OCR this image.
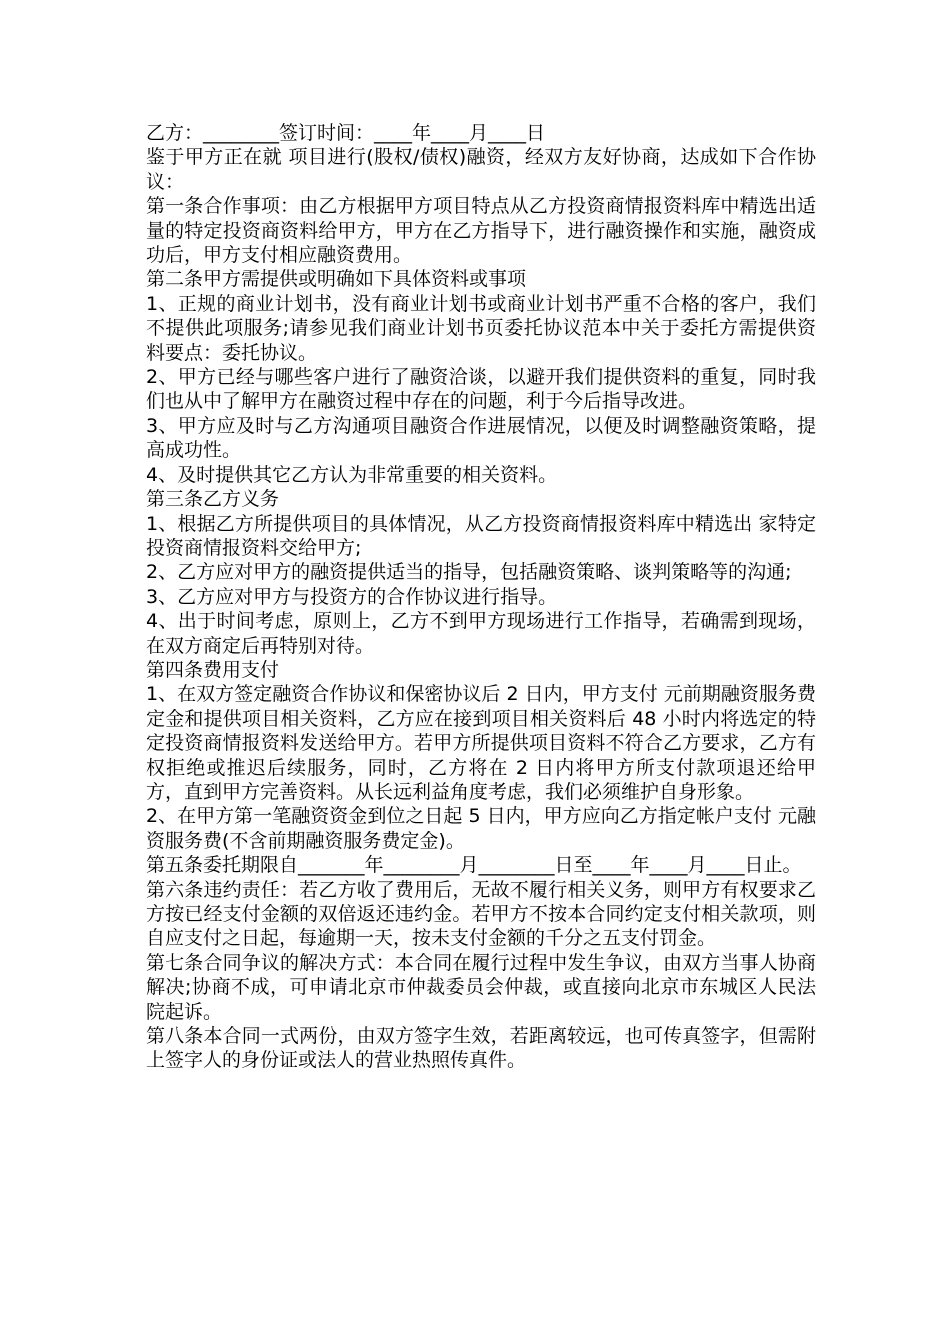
乙方：________签订时间：____年____月____日

鉴于甲方正在就 项目进行(股权/债权)融资，经双方友好协商，达成如下合作协议：

第一条合作事项：由乙方根据甲方项目特点从乙方投资商情报资料库中精选出适量的特定投资商资料给甲方，甲方在乙方指导下，进行融资操作和实施，融资成功后，甲方支付相应融资费用。

第二条甲方需提供或明确如下具体资料或事项

1、正规的商业计划书，没有商业计划书或商业计划书严重不合格的客户，我们不提供此项服务;请参见我们商业计划书页委托协议范本中关于委托方需提供资料要点：委托协议。

2、甲方已经与哪些客户进行了融资洽谈，以避开我们提供资料的重复，同时我们也从中了解甲方在融资过程中存在的问题，利于今后指导改进。

3、甲方应及时与乙方沟通项目融资合作进展情况，以便及时调整融资策略，提高成功性。

4、及时提供其它乙方认为非常重要的相关资料。

第三条乙方义务

1、根据乙方所提供项目的具体情况，从乙方投资商情报资料库中精选出 家特定投资商情报资料交给甲方;

2、乙方应对甲方的融资提供适当的指导，包括融资策略、谈判策略等的沟通;

3、乙方应对甲方与投资方的合作协议进行指导。

4、出于时间考虑，原则上，乙方不到甲方现场进行工作指导，若确需到现场，在双方商定后再特别对待。

第四条费用支付

1、在双方签定融资合作协议和保密协议后 2 日内，甲方支付 元前期融资服务费定金和提供项目相关资料，乙方应在接到项目相关资料后 48 小时内将选定的特定投资商情报资料发送给甲方。若甲方所提供项目资料不符合乙方要求，乙方有权拒绝或推迟后续服务，同时，乙方将在 2 日内将甲方所支付款项退还给甲方，直到甲方完善资料。从长远利益角度考虑，我们必须维护自身形象。

2、在甲方第一笔融资资金到位之日起 5 日内，甲方应向乙方指定帐户支付 元融资服务费(不含前期融资服务费定金)。

第五条委托期限自_______年________月________日至____年____月____日止。

第六条违约责任：若乙方收了费用后，无故不履行相关义务，则甲方有权要求乙方按已经支付金额的双倍返还违约金。若甲方不按本合同约定支付相关款项，则自应支付之日起，每逾期一天，按未支付金额的千分之五支付罚金。

第七条合同争议的解决方式：本合同在履行过程中发生争议，由双方当事人协商解决;协商不成，可申请北京市仲裁委员会仲裁，或直接向北京市东城区人民法院起诉。

第八条本合同一式两份，由双方签字生效，若距离较远，也可传真签字，但需附上签字人的身份证或法人的营业热照传真件。
